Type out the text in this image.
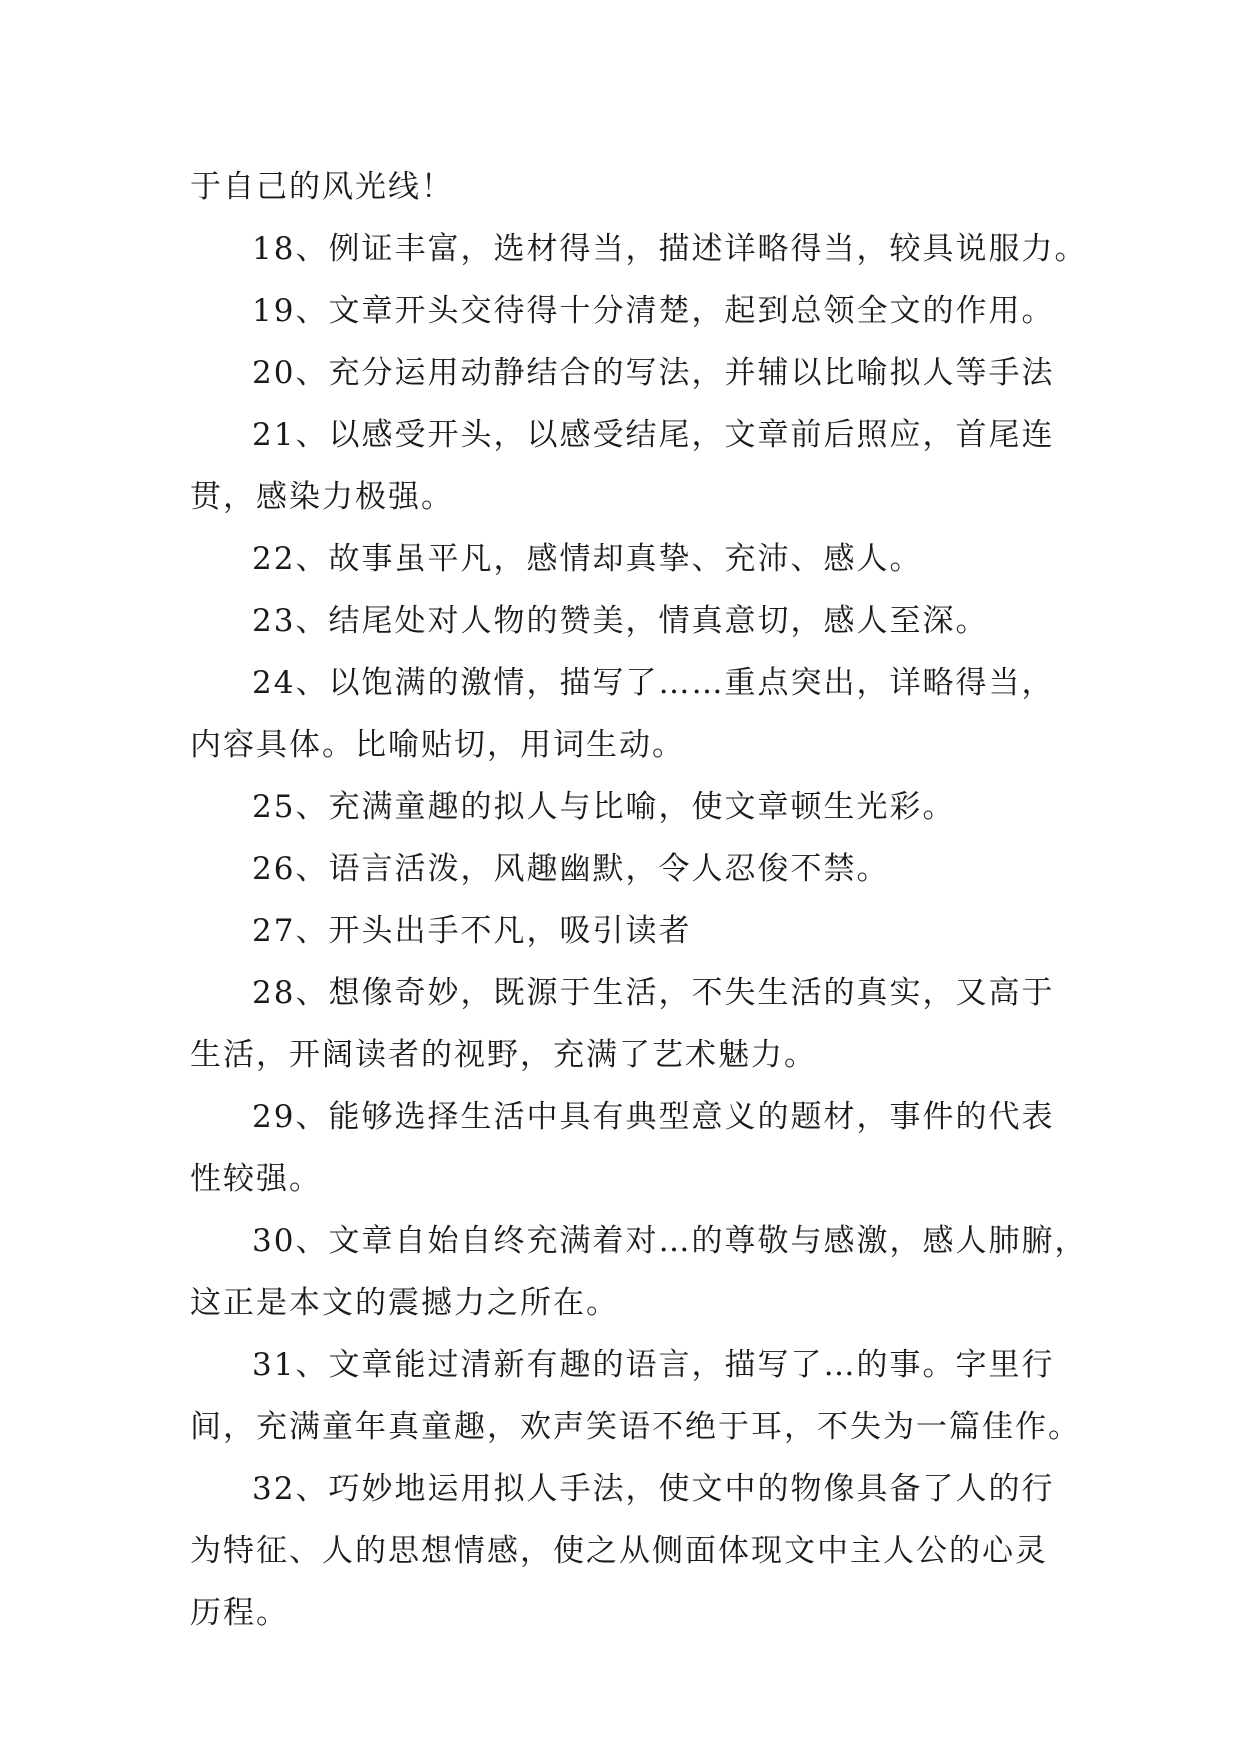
于自己的风光线！
18、例证丰富，选材得当，描述详略得当，较具说服力。
19、文章开头交待得十分清楚，起到总领全文的作用。
20、充分运用动静结合的写法，并辅以比喻拟人等手法
21、以感受开头，以感受结尾，文章前后照应，首尾连
贯，感染力极强。
22、故事虽平凡，感情却真挚、充沛、感人。
23、结尾处对人物的赞美，情真意切，感人至深。
24、以饱满的激情，描写了……重点突出，详略得当，
内容具体。比喻贴切，用词生动。
25、充满童趣的拟人与比喻，使文章顿生光彩。
26、语言活泼，风趣幽默，令人忍俊不禁。
27、开头出手不凡，吸引读者
28、想像奇妙，既源于生活，不失生活的真实，又高于
生活，开阔读者的视野，充满了艺术魅力。
29、能够选择生活中具有典型意义的题材，事件的代表
性较强。
30、文章自始自终充满着对…的尊敬与感激，感人肺腑，
这正是本文的震撼力之所在。
31、文章能过清新有趣的语言，描写了…的事。字里行
间，充满童年真童趣，欢声笑语不绝于耳，不失为一篇佳作。
32、巧妙地运用拟人手法，使文中的物像具备了人的行
为特征、人的思想情感，使之从侧面体现文中主人公的心灵
历程。
